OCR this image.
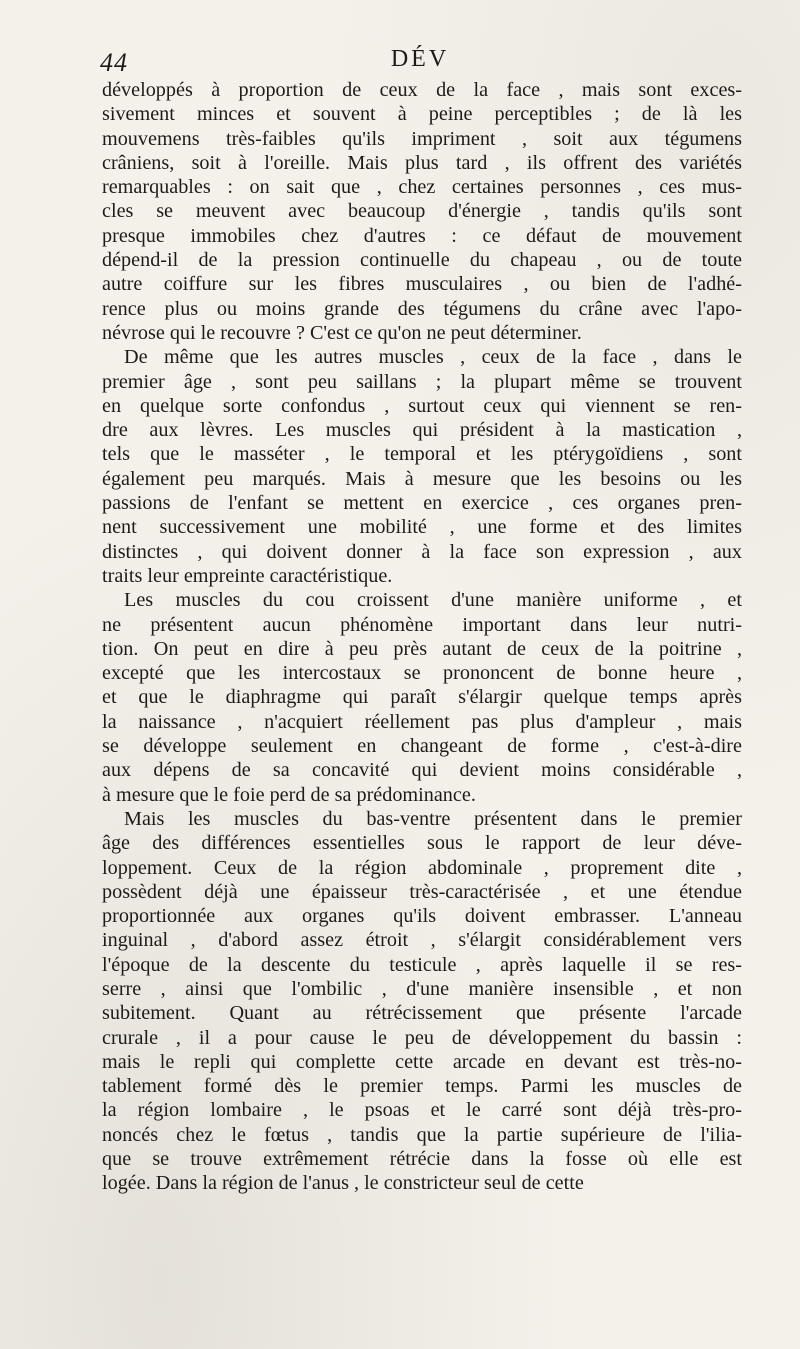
44	DÉV
développés à proportion de ceux de la face , mais sont exces-
sivement minces et souvent à peine perceptibles ; de là les
mouvemens très-faibles qu'ils impriment , soit aux tégumens
crâniens, soit à l'oreille. Mais plus tard , ils offrent des variétés
remarquables : on sait que , chez certaines personnes , ces mus-
cles se meuvent avec beaucoup d'énergie , tandis qu'ils sont
presque immobiles chez d'autres : ce défaut de mouvement
dépend-il de la pression continuelle du chapeau , ou de toute
autre coiffure sur les fibres musculaires , ou bien de l'adhé-
rence plus ou moins grande des tégumens du crâne avec l'apo-
névrose qui le recouvre ? C'est ce qu'on ne peut déterminer.
De même que les autres muscles , ceux de la face , dans le
premier âge , sont peu saillans ; la plupart même se trouvent
en quelque sorte confondus , surtout ceux qui viennent se ren-
dre aux lèvres. Les muscles qui président à la mastication ,
tels que le masséter , le temporal et les ptérygoïdiens , sont
également peu marqués. Mais à mesure que les besoins ou les
passions de l'enfant se mettent en exercice , ces organes pren-
nent successivement une mobilité , une forme et des limites
distinctes , qui doivent donner à la face son expression , aux
traits leur empreinte caractéristique.
Les muscles du cou croissent d'une manière uniforme , et
ne présentent aucun phénomène important dans leur nutri-
tion. On peut en dire à peu près autant de ceux de la poitrine ,
excepté que les intercostaux se prononcent de bonne heure ,
et que le diaphragme qui paraît s'élargir quelque temps après
la naissance , n'acquiert réellement pas plus d'ampleur , mais
se développe seulement en changeant de forme , c'est-à-dire
aux dépens de sa concavité qui devient moins considérable ,
à mesure que le foie perd de sa prédominance.
Mais les muscles du bas-ventre présentent dans le premier
âge des différences essentielles sous le rapport de leur déve-
loppement. Ceux de la région abdominale , proprement dite ,
possèdent déjà une épaisseur très-caractérisée , et une étendue
proportionnée aux organes qu'ils doivent embrasser. L'anneau
inguinal , d'abord assez étroit , s'élargit considérablement vers
l'époque de la descente du testicule , après laquelle il se res-
serre , ainsi que l'ombilic , d'une manière insensible , et non
subitement. Quant au rétrécissement que présente l'arcade
crurale , il a pour cause le peu de développement du bassin :
mais le repli qui complette cette arcade en devant est très-no-
tablement formé dès le premier temps. Parmi les muscles de
la région lombaire , le psoas et le carré sont déjà très-pro-
noncés chez le fœtus , tandis que la partie supérieure de l'ilia-
que se trouve extrêmement rétrécie dans la fosse où elle est
logée. Dans la région de l'anus , le constricteur seul de cette
